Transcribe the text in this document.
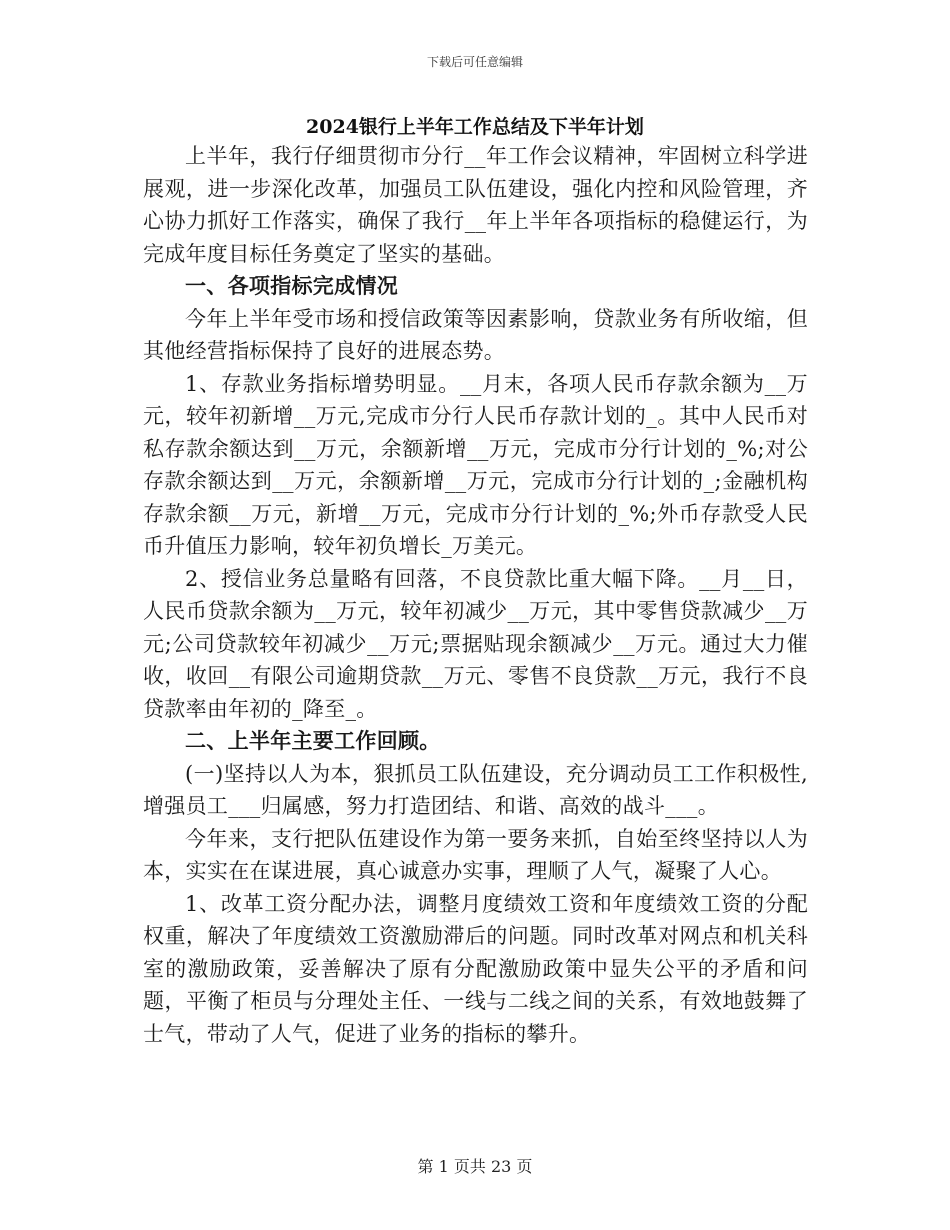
下载后可任意编辑
2024银行上半年工作总结及下半年计划

上半年，我行仔细贯彻市分行__年工作会议精神，牢固树立科学进展观，进一步深化改革，加强员工队伍建设，强化内控和风险管理，齐心协力抓好工作落实，确保了我行__年上半年各项指标的稳健运行，为完成年度目标任务奠定了坚实的基础。

一、各项指标完成情况

今年上半年受市场和授信政策等因素影响，贷款业务有所收缩，但其他经营指标保持了良好的进展态势。

1、存款业务指标增势明显。__月末，各项人民币存款余额为__万元，较年初新增__万元,完成市分行人民币存款计划的_。其中人民币对私存款余额达到__万元，余额新增__万元，完成市分行计划的_%;对公存款余额达到__万元，余额新增__万元，完成市分行计划的_;金融机构存款余额__万元，新增__万元，完成市分行计划的_%;外币存款受人民币升值压力影响，较年初负增长_万美元。

2、授信业务总量略有回落，不良贷款比重大幅下降。__月__日，人民币贷款余额为__万元，较年初减少__万元，其中零售贷款减少__万元;公司贷款较年初减少__万元;票据贴现余额减少__万元。通过大力催收，收回__有限公司逾期贷款__万元、零售不良贷款__万元，我行不良贷款率由年初的_降至_。

二、上半年主要工作回顾。

(一)坚持以人为本，狠抓员工队伍建设，充分调动员工工作积极性,增强员工___归属感，努力打造团结、和谐、高效的战斗___。

今年来，支行把队伍建设作为第一要务来抓，自始至终坚持以人为本，实实在在谋进展，真心诚意办实事，理顺了人气，凝聚了人心。

1、改革工资分配办法，调整月度绩效工资和年度绩效工资的分配权重，解决了年度绩效工资激励滞后的问题。同时改革对网点和机关科室的激励政策，妥善解决了原有分配激励政策中显失公平的矛盾和问题，平衡了柜员与分理处主任、一线与二线之间的关系，有效地鼓舞了士气，带动了人气，促进了业务的指标的攀升。

第 1 页共 23 页
